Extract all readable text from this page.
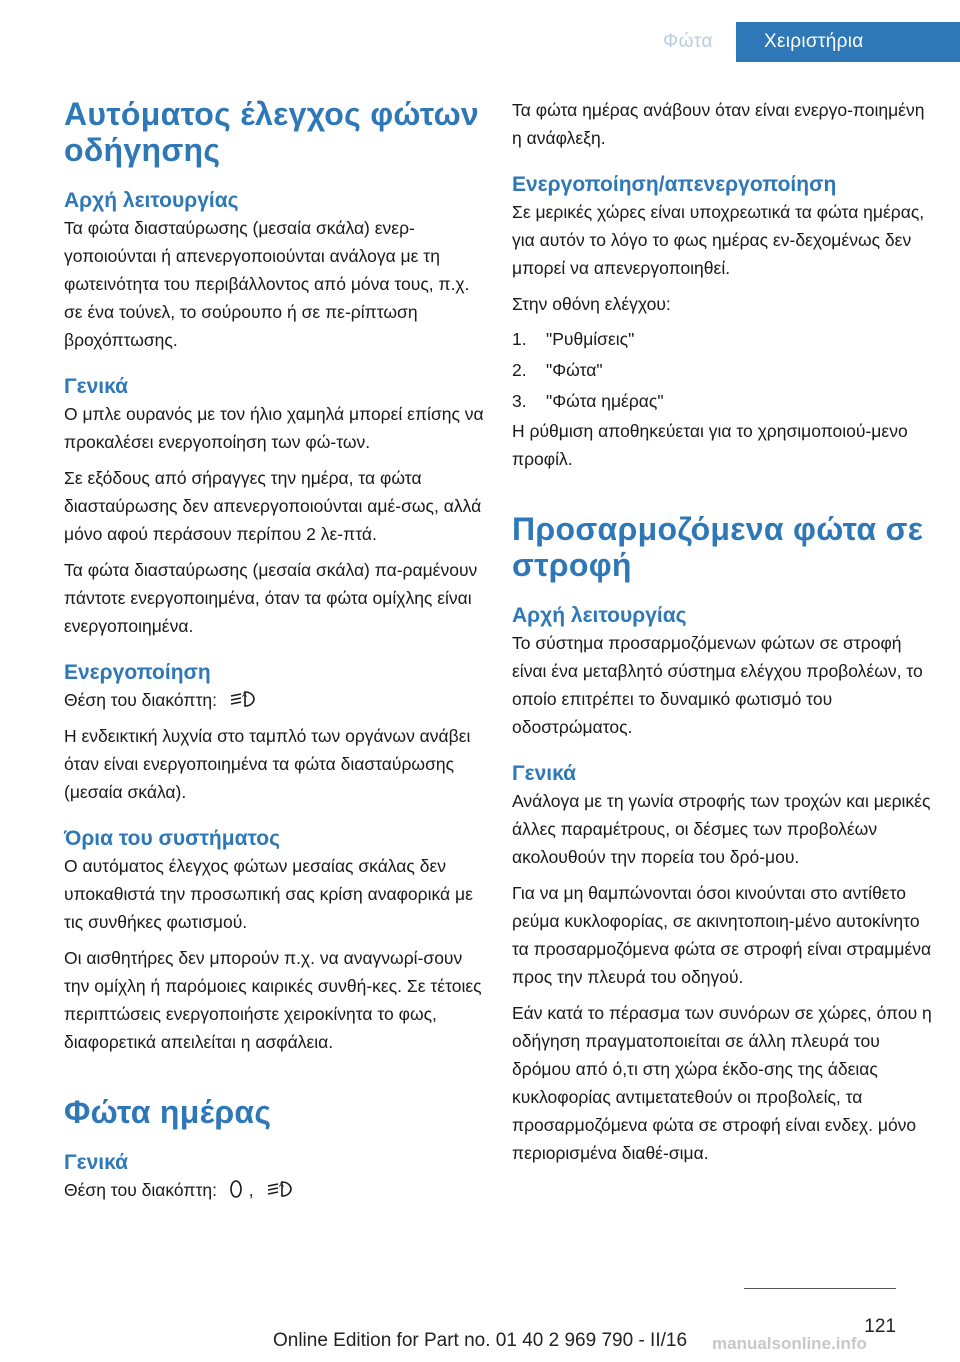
Φώτα	Χειριστήρια
Αυτόματος έλεγχος φώτων οδήγησης
Αρχή λειτουργίας

Τα φώτα διασταύρωσης (μεσαία σκάλα) ενερ-γοποιούνται ή απενεργοποιούνται ανάλογα με τη φωτεινότητα του περιβάλλοντος από μόνα τους, π.χ. σε ένα τούνελ, το σούρουπο ή σε πε-ρίπτωση βροχόπτωσης.

Γενικά

Ο μπλε ουρανός με τον ήλιο χαμηλά μπορεί επίσης να προκαλέσει ενεργοποίηση των φώ-των.

Σε εξόδους από σήραγγες την ημέρα, τα φώτα διασταύρωσης δεν απενεργοποιούνται αμέ-σως, αλλά μόνο αφού περάσουν περίπου 2 λε-πτά.

Τα φώτα διασταύρωσης (μεσαία σκάλα) πα-ραμένουν πάντοτε ενεργοποιημένα, όταν τα φώτα ομίχλης είναι ενεργοποιημένα.

Ενεργοποίηση

Θέση του διακόπτη:	A

Η ενδεικτική λυχνία στο ταμπλό των οργάνων ανάβει όταν είναι ενεργοποιημένα τα φώτα διασταύρωσης (μεσαία σκάλα).

Όρια του συστήματος

Ο αυτόματος έλεγχος φώτων μεσαίας σκάλας δεν υποκαθιστά την προσωπική σας κρίση αναφορικά με τις συνθήκες φωτισμού.

Οι αισθητήρες δεν μπορούν π.χ. να αναγνωρί-σουν την ομίχλη ή παρόμοιες καιρικές συνθή-κες. Σε τέτοιες περιπτώσεις ενεργοποιήστε χειροκίνητα το φως, διαφορετικά απειλείται η ασφάλεια.

Φώτα ημέρας
Γενικά

Θέση του διακόπτη: ,	A

Τα φώτα ημέρας ανάβουν όταν είναι ενεργο-ποιημένη η ανάφλεξη.

Ενεργοποίηση/απενεργοποίηση

Σε μερικές χώρες είναι υποχρεωτικά τα φώτα ημέρας, για αυτόν το λόγο το φως ημέρας εν-δεχομένως δεν μπορεί να απενεργοποιηθεί.

Στην οθόνη ελέγχου:

1.	"Ρυθμίσεις"
2.	"Φώτα"
3.	"Φώτα ημέρας"

Η ρύθμιση αποθηκεύεται για το χρησιμοποιού-μενο προφίλ.

Προσαρμοζόμενα φώτα σε στροφή
Αρχή λειτουργίας

Το σύστημα προσαρμοζόμενων φώτων σε στροφή είναι ένα μεταβλητό σύστημα ελέγχου προβολέων, το οποίο επιτρέπει το δυναμικό φωτισμό του οδοστρώματος.

Γενικά

Ανάλογα με τη γωνία στροφής των τροχών και μερικές άλλες παραμέτρους, οι δέσμες των προβολέων ακολουθούν την πορεία του δρό-μου.

Για να μη θαμπώνονται όσοι κινούνται στο αντίθετο ρεύμα κυκλοφορίας, σε ακινητοποιη-μένο αυτοκίνητο τα προσαρμοζόμενα φώτα σε στροφή είναι στραμμένα προς την πλευρά του οδηγού.

Εάν κατά το πέρασμα των συνόρων σε χώρες, όπου η οδήγηση πραγματοποιείται σε άλλη πλευρά του δρόμου από ό,τι στη χώρα έκδο-σης της άδειας κυκλοφορίας αντιμετατεθούν οι προβολείς, τα προσαρμοζόμενα φώτα σε στροφή είναι ενδεχ. μόνο περιορισμένα διαθέ-σιμα.

121
manualsonline.info
Online Edition for Part no. 01 40 2 969 790 - II/16
